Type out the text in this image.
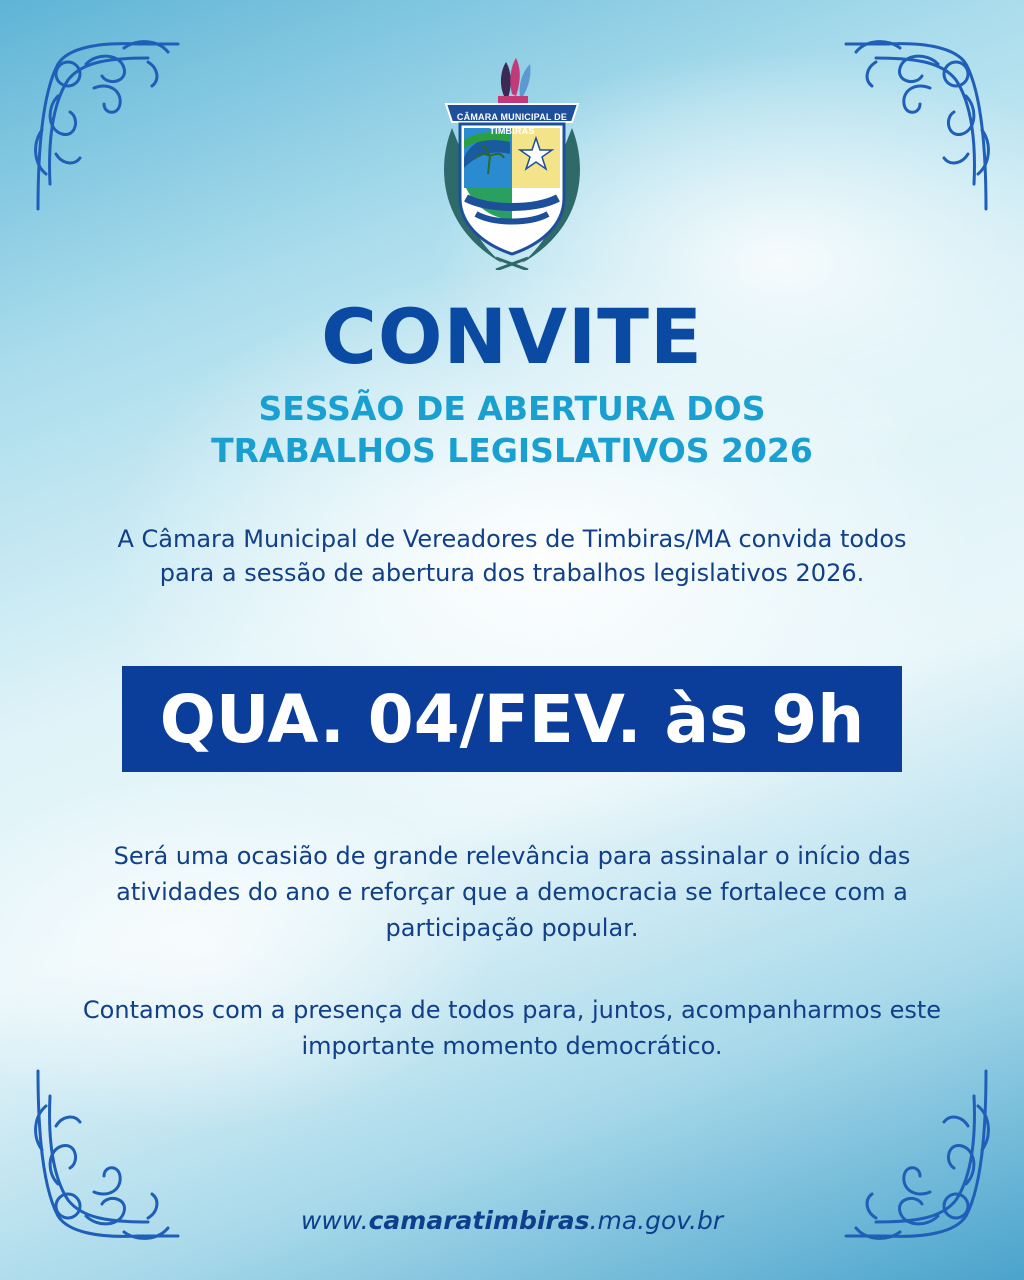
CÂMARA MUNICIPAL DE TIMBIRAS
CONVITE
SESSÃO DE ABERTURA DOS
TRABALHOS LEGISLATIVOS 2026
A Câmara Municipal de Vereadores de Timbiras/MA convida todos para a sessão de abertura dos trabalhos legislativos 2026.
QUA. 04/FEV. às 9h
Será uma ocasião de grande relevância para assinalar o início das atividades do ano e reforçar que a democracia se fortalece com a participação popular.
Contamos com a presença de todos para, juntos, acompanharmos este importante momento democrático.
www.camaratimbiras.ma.gov.br
